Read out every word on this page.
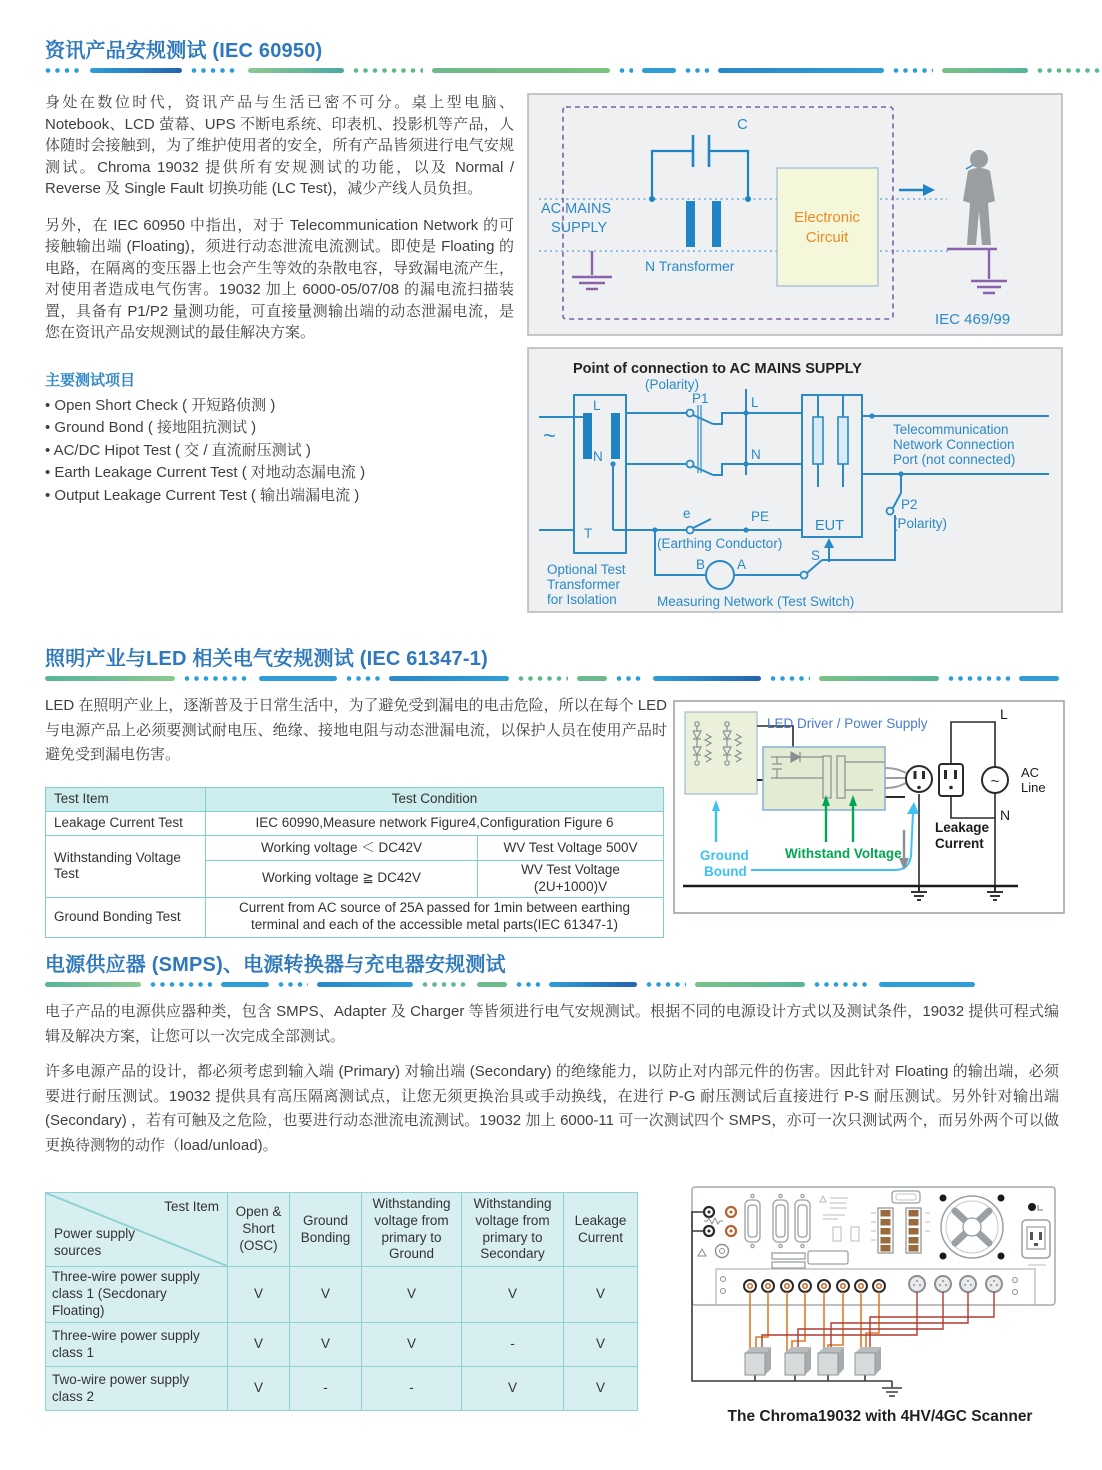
资讯产品安规测试 (IEC 60950)
身处在数位时代，资讯产品与生活已密不可分。桌上型电脑、Notebook、LCD 萤幕、UPS 不断电系统、印表机、投影机等产品，人体随时会接触到，为了维护使用者的安全，所有产品皆须进行电气安规测试。Chroma 19032 提供所有安规测试的功能，以及 Normal / Reverse 及 Single Fault 切换功能 (LC Test)，减少产线人员负担。
另外，在 IEC 60950 中指出，对于 Telecommunication Network 的可接触输出端 (Floating)，须进行动态泄流电流测试。即使是 Floating 的电路，在隔离的变压器上也会产生等效的杂散电容，导致漏电流产生，对使用者造成电气伤害。19032 加上 6000-05/07/08 的漏电流扫描装置，具备有 P1/P2 量测功能，可直接量测输出端的动态泄漏电流，是您在资讯产品安规测试的最佳解决方案。
主要测试项目
• Open Short Check ( 开短路侦测 )
• Ground Bond ( 接地阻抗测试 )
• AC/DC Hipot Test ( 交 / 直流耐压测试 )
• Earth Leakage Current Test ( 对地动态漏电流 )
• Output Leakage Current Test ( 输出端漏电流 )
C
N Transformer
Electronic
Circuit
AC MAINS
SUPPLY
IEC 469/99
Point of connection to AC MAINS SUPPLY
~
L
N
T
(Polarity)
P1	L
N
e	PE
(Earthing Conductor)
EUT
Telecommunication
Network Connection
Port (not connected)
P2
(Polarity)
B A
S
Optional Test
Transformer
for Isolation	Measuring Network (Test Switch)
照明产业与LED 相关电气安规测试 (IEC 61347-1)
LED 在照明产业上，逐渐普及于日常生活中，为了避免受到漏电的电击危险，所以在每个 LED 与电源产品上必须要测试耐电压、绝缘、接地电阻与动态泄漏电流，以保护人员在使用产品时避免受到漏电伤害。
Test Item	Test Condition	
Leakage Current Test	IEC 60990,Measure network Figure4,Configuration Figure 6	
Withstanding Voltage Test	Working voltage ＜ DC42V	WV Test Voltage 500V
	Working voltage ≧ DC42V	WV Test Voltage (2U+1000)V
Ground Bonding Test	Current from AC source of 25A passed for 1min between earthing terminal and each of the accessible metal parts(IEC 61347-1)	
~
LED Driver / Power Supply
Withstand Voltage
Ground
Bound
Leakage
Current
L
N
AC
Line
电源供应器 (SMPS)、电源转换器与充电器安规测试
电子产品的电源供应器种类，包含 SMPS、Adapter 及 Charger 等皆须进行电气安规测试。根据不同的电源设计方式以及测试条件，19032 提供可程式编辑及解决方案，让您可以一次完成全部测试。
许多电源产品的设计，都必须考虑到输入端 (Primary) 对输出端 (Secondary) 的绝缘能力，以防止对内部元件的伤害。因此针对 Floating 的输出端，必须要进行耐压测试。19032 提供具有高压隔离测试点，让您无须更换治具或手动换线，在进行 P-G 耐压测试后直接进行 P-S 耐压测试。另外针对输出端 (Secondary) ，若有可触及之危险，也要进行动态泄流电流测试。19032 加上 6000-11 可一次测试四个 SMPS，亦可一次只测试两个，而另外两个可以做更换待测物的动作（load/unload)。
Test Item
Power supply
sources	Open & Short (OSC)	Ground Bonding	Withstanding voltage from primary to Ground	Withstanding voltage from primary to Secondary	Leakage Current
Three-wire power supply class 1 (Secdonary Floating)	V	V	V	V	V
Three-wire power supply class 1	V	V	V	-	V
Two-wire power supply class 2	V	-	-	V	V
The Chroma19032 with 4HV/4GC Scanner
